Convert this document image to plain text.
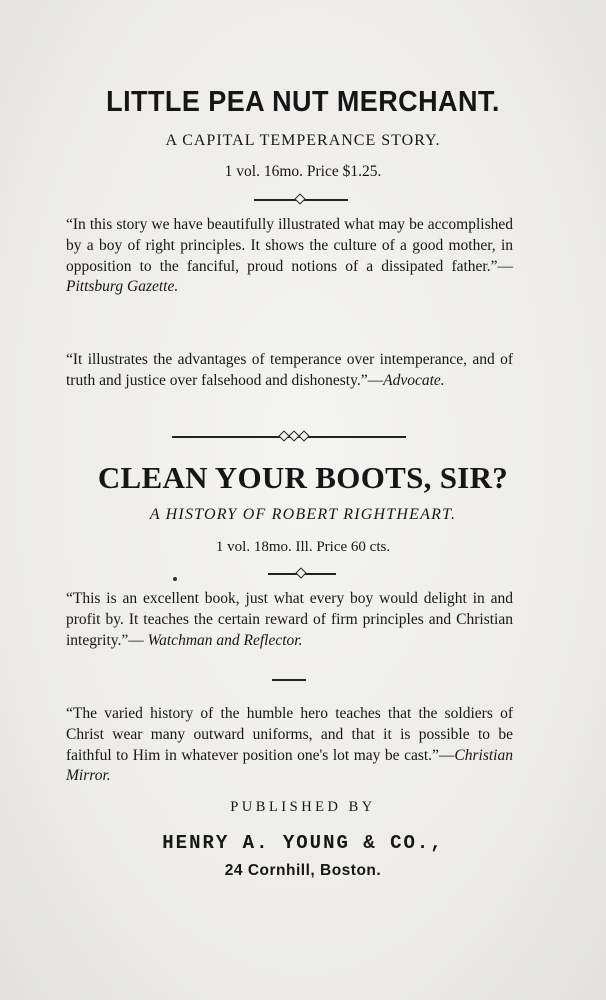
LITTLE PEA NUT MERCHANT.
A CAPITAL TEMPERANCE STORY.
1 vol. 16mo. Price $1.25.

“In this story we have beautifully illustrated what may be accomplished by a boy of right principles. It shows the culture of a good mother, in opposition to the fanciful, proud notions of a dissipated father.”—Pittsburg Gazette.

“It illustrates the advantages of temperance over intemperance, and of truth and justice over falsehood and dishonesty.”—Advocate.

CLEAN YOUR BOOTS, SIR?
A HISTORY OF ROBERT RIGHTHEART.
1 vol. 18mo. Ill. Price 60 cts.

“This is an excellent book, just what every boy would delight in and profit by. It teaches the certain reward of firm principles and Christian integrity.”— Watchman and Reflector.

“The varied history of the humble hero teaches that the soldiers of Christ wear many outward uniforms, and that it is possible to be faithful to Him in whatever position one's lot may be cast.”—Christian Mirror.

PUBLISHED BY
HENRY A. YOUNG & CO.,
24 Cornhill, Boston.
